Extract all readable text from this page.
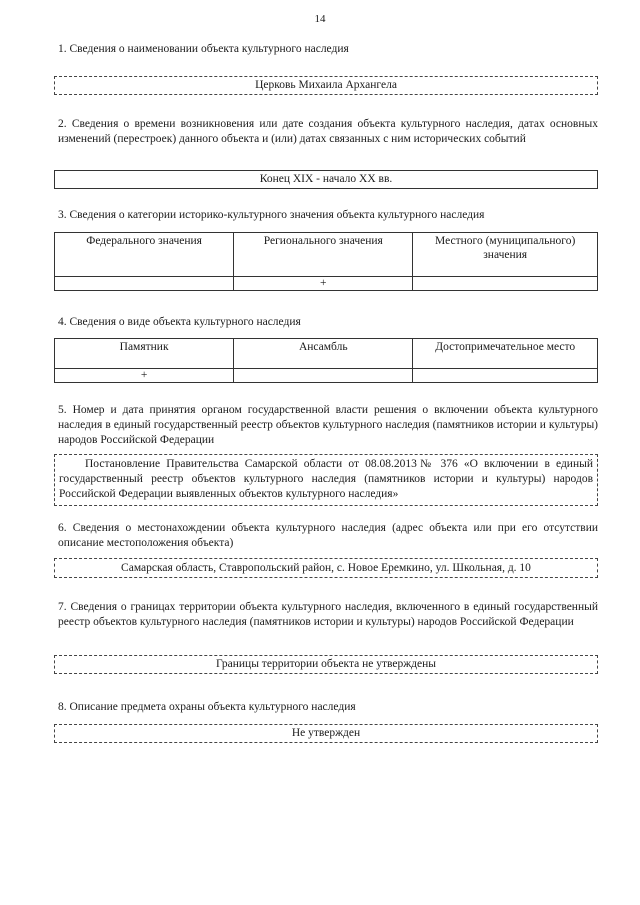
14
1. Сведения о наименовании объекта культурного наследия
Церковь Михаила Архангела
2. Сведения о времени возникновения или дате создания объекта культурного наследия, датах основных изменений (перестроек) данного объекта и (или) датах связанных с ним исторических событий
Конец XIX - начало XX вв.
3. Сведения о категории историко-культурного значения объекта культурного наследия
Федерального значения	Регионального значения	Местного (муниципального) значения
	+	
4. Сведения о виде объекта культурного наследия
Памятник	Ансамбль	Достопримечательное место
+		
5. Номер и дата принятия органом государственной власти решения о включении объекта культурного наследия в единый государственный реестр объектов культурного наследия (памятников истории и культуры) народов Российской Федерации
Постановление Правительства Самарской области от 08.08.2013№ 376 «О включении в единый государственный реестр объектов культурного наследия (памятников истории и культуры) народов Российской Федерации выявленных объектов культурного наследия»
6. Сведения о местонахождении объекта культурного наследия (адрес объекта или при его отсутствии описание местоположения объекта)
Самарская область, Ставропольский район, с. Новое Еремкино, ул. Школьная, д. 10
7. Сведения о границах территории объекта культурного наследия, включенного в единый государственный реестр объектов культурного наследия (памятников истории и культуры) народов Российской Федерации
Границы территории объекта не утверждены
8. Описание предмета охраны объекта культурного наследия
Не утвержден
